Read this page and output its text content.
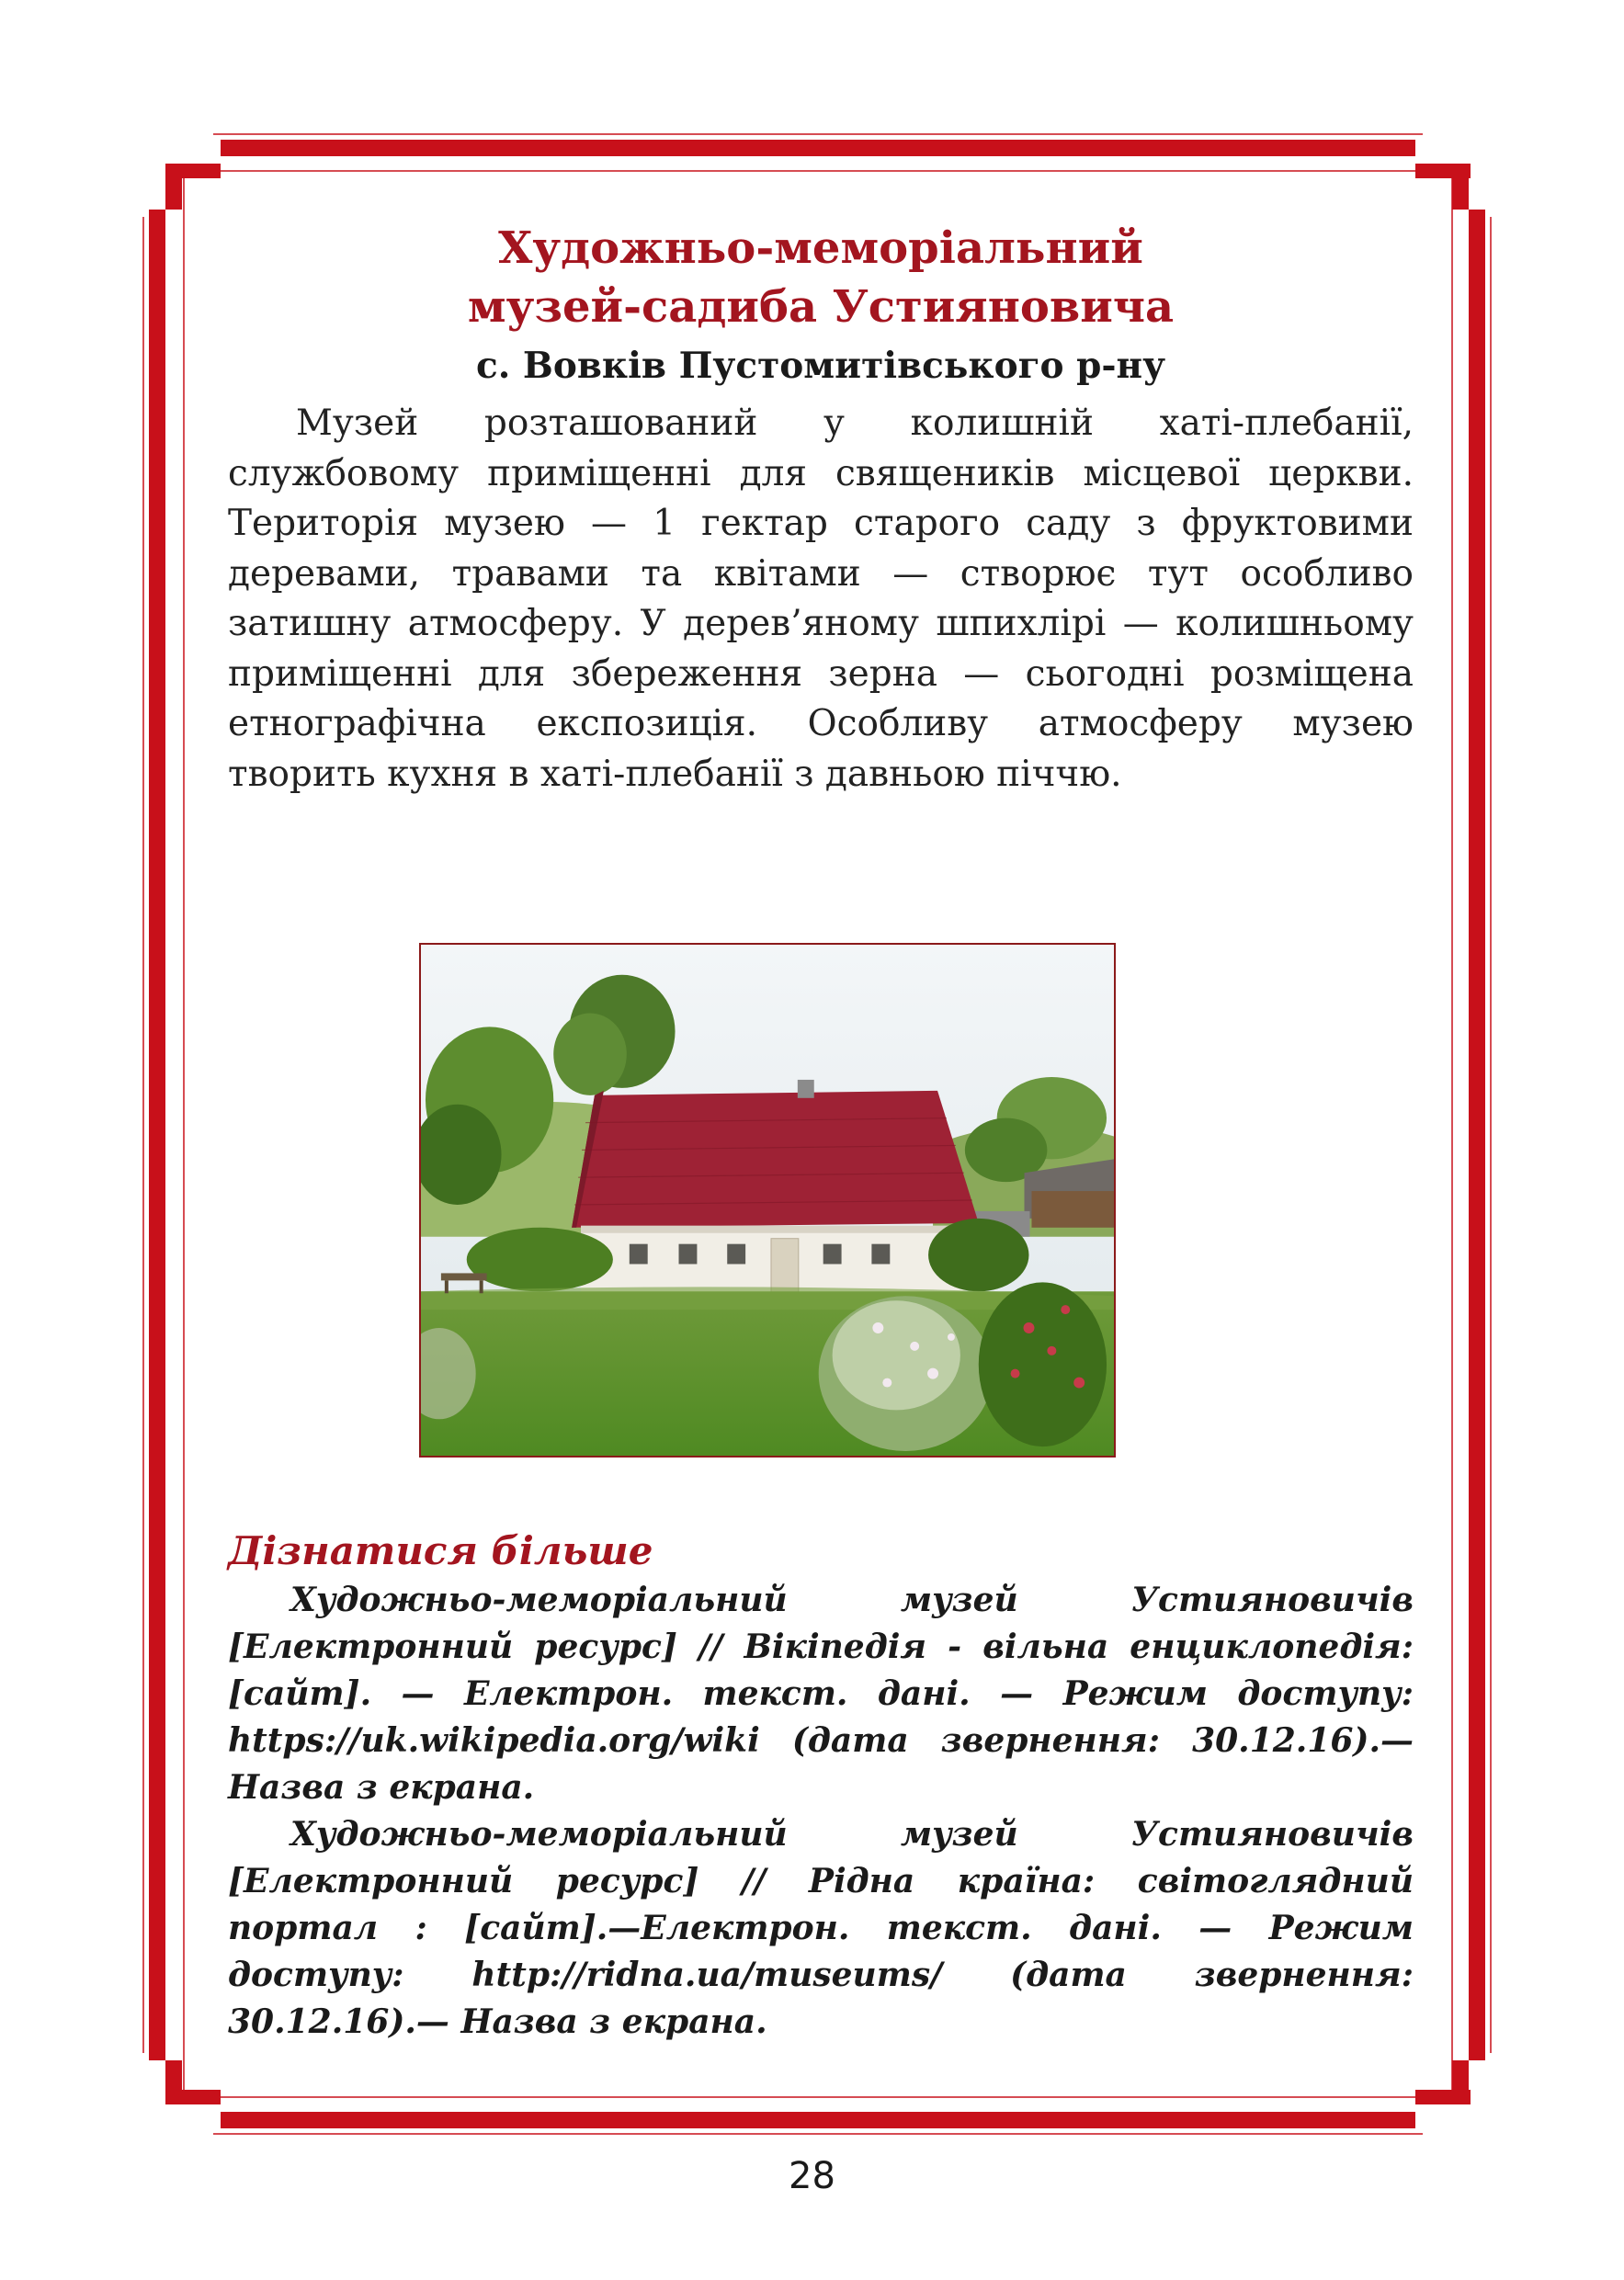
Художньо-меморіальний
музей-садиба Устияновича

с. Вовків Пустомитівського р-ну

Музей розташований у колишній хаті-плебанії, службовому приміщенні для священиків місцевої церкви. Територія музею — 1 гектар старого саду з фруктовими деревами, травами та квітами — створює тут особливо затишну атмосферу. У дерев’яному шпихлірі — колишньому приміщенні для збереження зерна — сьогодні розміщена етнографічна експозиція. Особливу атмосферу музею творить кухня в хаті-плебанії з давньою піччю.

Дізнатися більше

Художньо-меморіальний музей Устияновичів [Електронний ресурс] // Вікіпедія - вільна енциклопедія: [сайт]. — Електрон. текст. дані. — Режим доступу: https://uk.wikipedia.org/wiki (дата звернення: 30.12.16).— Назва з екрана.

Художньо-меморіальний музей Устияновичів [Електронний ресурс] // Рідна країна: світоглядний портал : [сайт].—Електрон. текст. дані. — Режим доступу: http://ridna.ua/museums/ (дата звернення: 30.12.16).— Назва з екрана.

28
